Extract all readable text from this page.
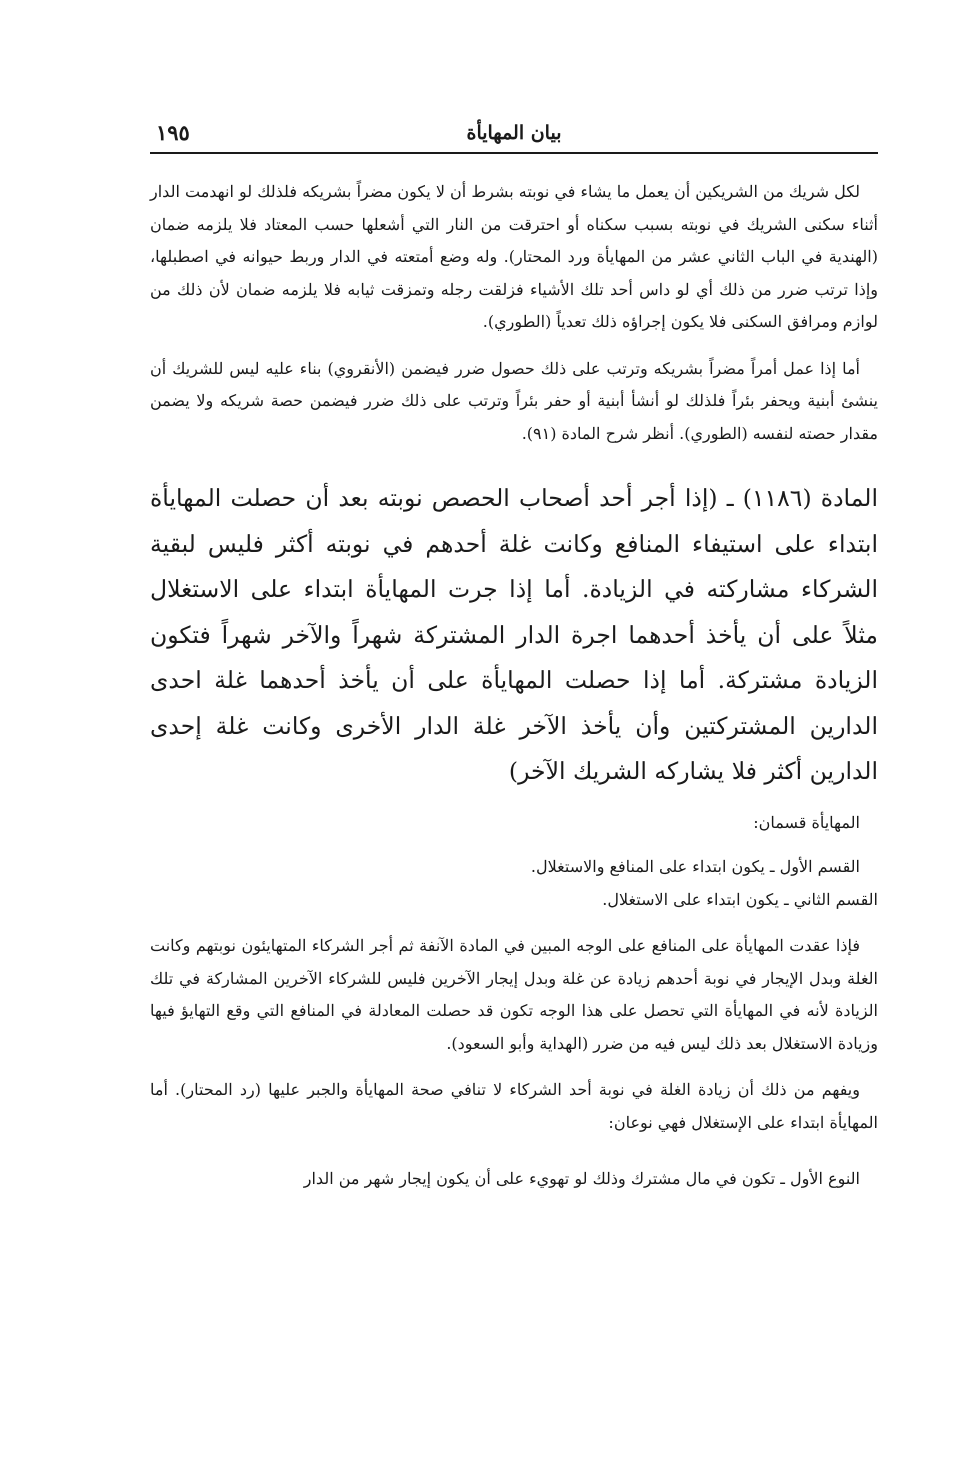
بيان المهايأة
١٩٥

لكل شريك من الشريكين أن يعمل ما يشاء في نوبته بشرط أن لا يكون مضراً بشريكه فلذلك لو انهدمت الدار أثناء سكنى الشريك في نوبته بسبب سكناه أو احترقت من النار التي أشعلها حسب المعتاد فلا يلزمه ضمان (الهندية في الباب الثاني عشر من المهايأة ورد المحتار). وله وضع أمتعته في الدار وربط حيوانه في اصطبلها، وإذا ترتب ضرر من ذلك أي لو داس أحد تلك الأشياء فزلقت رجله وتمزقت ثيابه فلا يلزمه ضمان لأن ذلك من لوازم ومرافق السكنى فلا يكون إجراؤه ذلك تعدياً (الطوري).

أما إذا عمل أمراً مضراً بشريكه وترتب على ذلك حصول ضرر فيضمن (الأنقروي) بناء عليه ليس للشريك أن ينشئ أبنية ويحفر بئراً فلذلك لو أنشأ أبنية أو حفر بئراً وترتب على ذلك ضرر فيضمن حصة شريكه ولا يضمن مقدار حصته لنفسه (الطوري). أنظر شرح المادة (٩١).

المادة (١١٨٦) ـ (إذا أجر أحد أصحاب الحصص نوبته بعد أن حصلت المهايأة ابتداء على استيفاء المنافع وكانت غلة أحدهم في نوبته أكثر فليس لبقية الشركاء مشاركته في الزيادة. أما إذا جرت المهايأة ابتداء على الاستغلال مثلاً على أن يأخذ أحدهما اجرة الدار المشتركة شهراً والآخر شهراً فتكون الزيادة مشتركة. أما إذا حصلت المهايأة على أن يأخذ أحدهما غلة احدى الدارين المشتركتين وأن يأخذ الآخر غلة الدار الأخرى وكانت غلة إحدى الدارين أكثر فلا يشاركه الشريك الآخر)

المهايأة قسمان:

القسم الأول ـ يكون ابتداء على المنافع والاستغلال.

القسم الثاني ـ يكون ابتداء على الاستغلال.

فإذا عقدت المهايأة على المنافع على الوجه المبين في المادة الآنفة ثم أجر الشركاء المتهايئون نوبتهم وكانت الغلة وبدل الإيجار في نوبة أحدهم زيادة عن غلة وبدل إيجار الآخرين فليس للشركاء الآخرين المشاركة في تلك الزيادة لأنه في المهايأة التي تحصل على هذا الوجه تكون قد حصلت المعادلة في المنافع التي وقع التهايؤ فيها وزيادة الاستغلال بعد ذلك ليس فيه من ضرر (الهداية وأبو السعود).

ويفهم من ذلك أن زيادة الغلة في نوبة أحد الشركاء لا تنافي صحة المهايأة والجبر عليها (رد المحتار). أما المهايأة ابتداء على الإستغلال فهي نوعان:

النوع الأول ـ تكون في مال مشترك وذلك لو تهويء على أن يكون إيجار شهر من الدار
